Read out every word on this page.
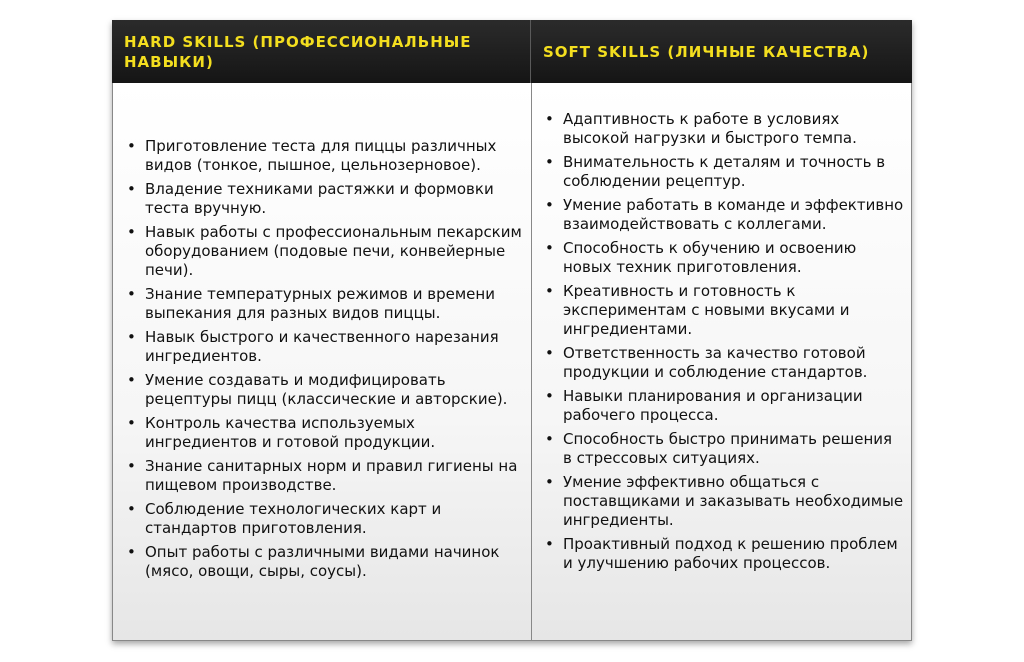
HARD SKILLS (ПРОФЕССИОНАЛЬНЫЕ НАВЫКИ)
SOFT SKILLS (ЛИЧНЫЕ КАЧЕСТВА)
• Приготовление теста для пиццы различных видов (тонкое, пышное, цельнозерновое).
• Владение техниками растяжки и формовки теста вручную.
• Навык работы с профессиональным пекарским оборудованием (подовые печи, конвейерные печи).
• Знание температурных режимов и времени выпекания для разных видов пиццы.
• Навык быстрого и качественного нарезания ингредиентов.
• Умение создавать и модифицировать рецептуры пицц (классические и авторские).
• Контроль качества используемых ингредиентов и готовой продукции.
• Знание санитарных норм и правил гигиены на пищевом производстве.
• Соблюдение технологических карт и стандартов приготовления.
• Опыт работы с различными видами начинок (мясо, овощи, сыры, соусы).
• Адаптивность к работе в условиях высокой нагрузки и быстрого темпа.
• Внимательность к деталям и точность в соблюдении рецептур.
• Умение работать в команде и эффективно взаимодействовать с коллегами.
• Способность к обучению и освоению новых техник приготовления.
• Креативность и готовность к экспериментам с новыми вкусами и ингредиентами.
• Ответственность за качество готовой продукции и соблюдение стандартов.
• Навыки планирования и организации рабочего процесса.
• Способность быстро принимать решения в стрессовых ситуациях.
• Умение эффективно общаться с поставщиками и заказывать необходимые ингредиенты.
• Проактивный подход к решению проблем и улучшению рабочих процессов.
